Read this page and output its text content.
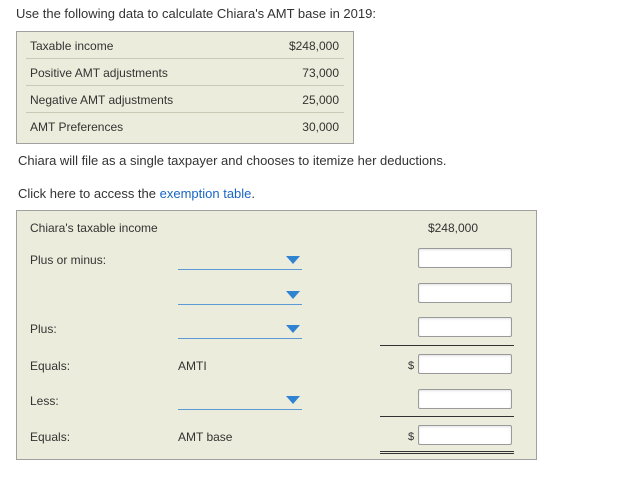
Use the following data to calculate Chiara's AMT base in 2019:
Taxable income	$248,000
Positive AMT adjustments	73,000
Negative AMT adjustments	25,000
AMT Preferences	30,000
Chiara will file as a single taxpayer and chooses to itemize her deductions.
Click here to access the exemption table.
Chiara's taxable income	$248,000
Plus or minus:
Plus:
Equals:	AMTI	$
Less:
Equals:	AMT base	$
